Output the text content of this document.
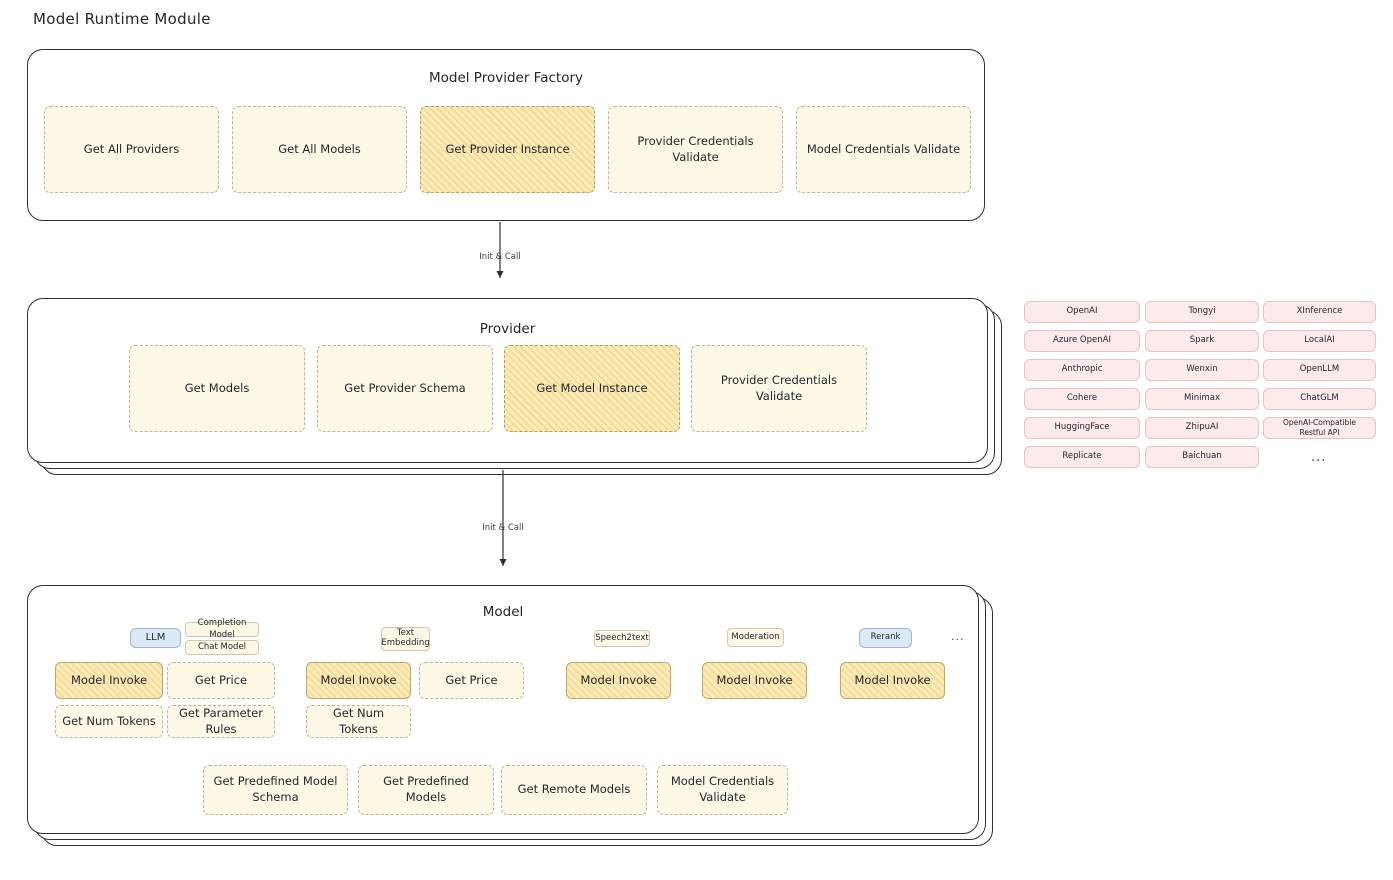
Model Runtime Module
Model Provider Factory
Get All Providers	Get All Models	Get Provider Instance
Provider Credentials Validate
Model Credentials Validate
Provider
Get Models	Get Provider Schema	Get Model Instance
Provider Credentials Validate
OpenAI
Azure OpenAI
Anthropic
Cohere
HuggingFace
Replicate
Tongyi
Spark
Wenxin
Minimax
ZhipuAI
Baichuan
XInference
LocalAI
OpenLLM
ChatGLM
OpenAI-Compatible Restful API
...
Model
LLM
Completion Model
Chat Model
Text Embedding
Speech2text	Moderation	Rerank	...
Model Invoke	Get Price	Model Invoke	Get Price	Model Invoke	Model Invoke	Model Invoke
Get Num Tokens
Get Parameter Rules
Get Num Tokens
Get Predefined Model Schema
Get Predefined Models
Get Remote Models
Model Credentials Validate
Init & Call
Init & Call
